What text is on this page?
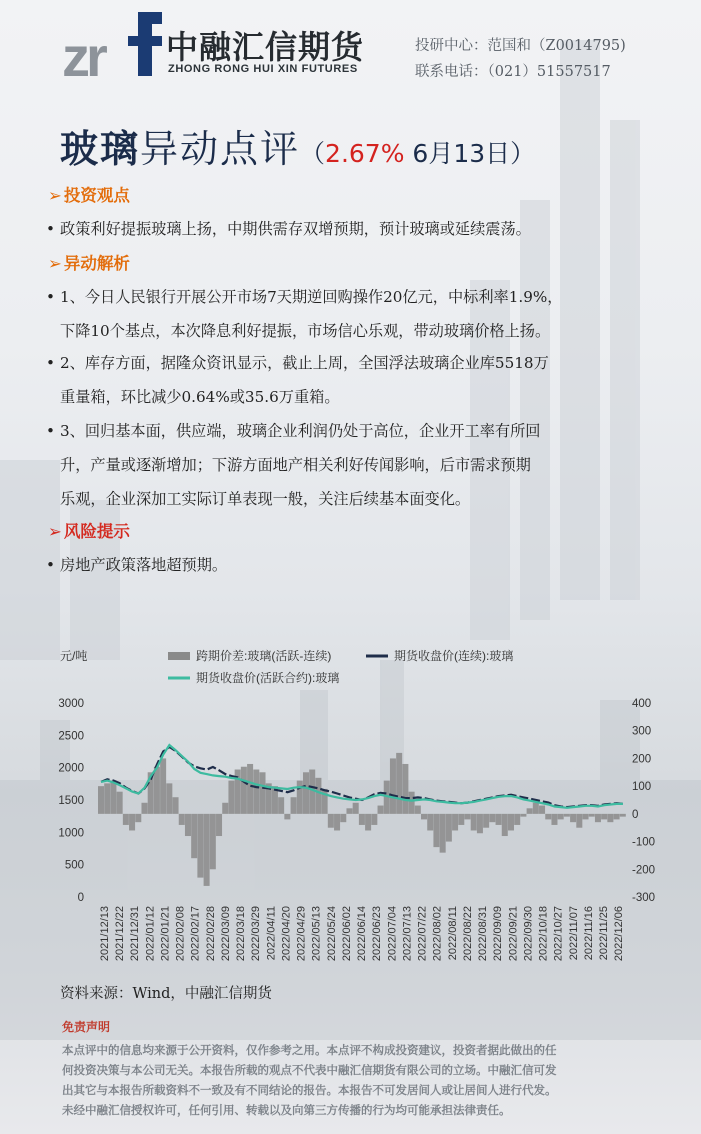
zr 中融汇信期货
ZHONG RONG HUI XIN FUTURES
投研中心：范国和（Z0014795)
联系电话：（021）51557517
玻璃异动点评（2.67% 6月13日）
➢ 投资观点
• 政策利好提振玻璃上扬，中期供需存双增预期，预计玻璃或延续震荡。
➢ 异动解析
• 1、今日人民银行开展公开市场7天期逆回购操作20亿元，中标利率1.9%，
下降10个基点，本次降息利好提振，市场信心乐观，带动玻璃价格上扬。
• 2、库存方面，据隆众资讯显示，截止上周，全国浮法玻璃企业库5518万
重量箱，环比减少0.64%或35.6万重箱。
• 3、回归基本面，供应端，玻璃企业利润仍处于高位，企业开工率有所回
升，产量或逐渐增加；下游方面地产相关利好传闻影响，后市需求预期
乐观，企业深加工实际订单表现一般，关注后续基本面变化。
➢ 风险提示
• 房地产政策落地超预期。
元/吨	跨期价差:玻璃(活跃-连续)	期货收盘价(连续):玻璃
期货收盘价(活跃合约):玻璃
0
500
1000
1500
2000
2500
3000
-300
-200
-100
0
100
200
300
400
2021/12/13 2021/12/22 2021/12/31 2022/01/12 2022/01/21 2022/02/08 2022/02/17 2022/02/28 2022/03/09 2022/03/18 2022/03/29 2022/04/11 2022/04/20 2022/04/29 2022/05/13 2022/05/24 2022/06/02 2022/06/14 2022/06/23 2022/07/04 2022/07/13 2022/07/22 2022/08/02 2022/08/11 2022/08/22 2022/08/31 2022/09/09 2022/09/21 2022/09/30 2022/10/18 2022/10/27 2022/11/07 2022/11/16 2022/11/25 2022/12/06
资料来源：Wind，中融汇信期货
免责声明
本点评中的信息均来源于公开资料，仅作参考之用。本点评不构成投资建议，投资者据此做出的任
何投资决策与本公司无关。本报告所载的观点不代表中融汇信期货有限公司的立场。中融汇信可发
出其它与本报告所载资料不一致及有不同结论的报告。本报告不可发居间人或让居间人进行代发。
未经中融汇信授权许可，任何引用、转载以及向第三方传播的行为均可能承担法律责任。
